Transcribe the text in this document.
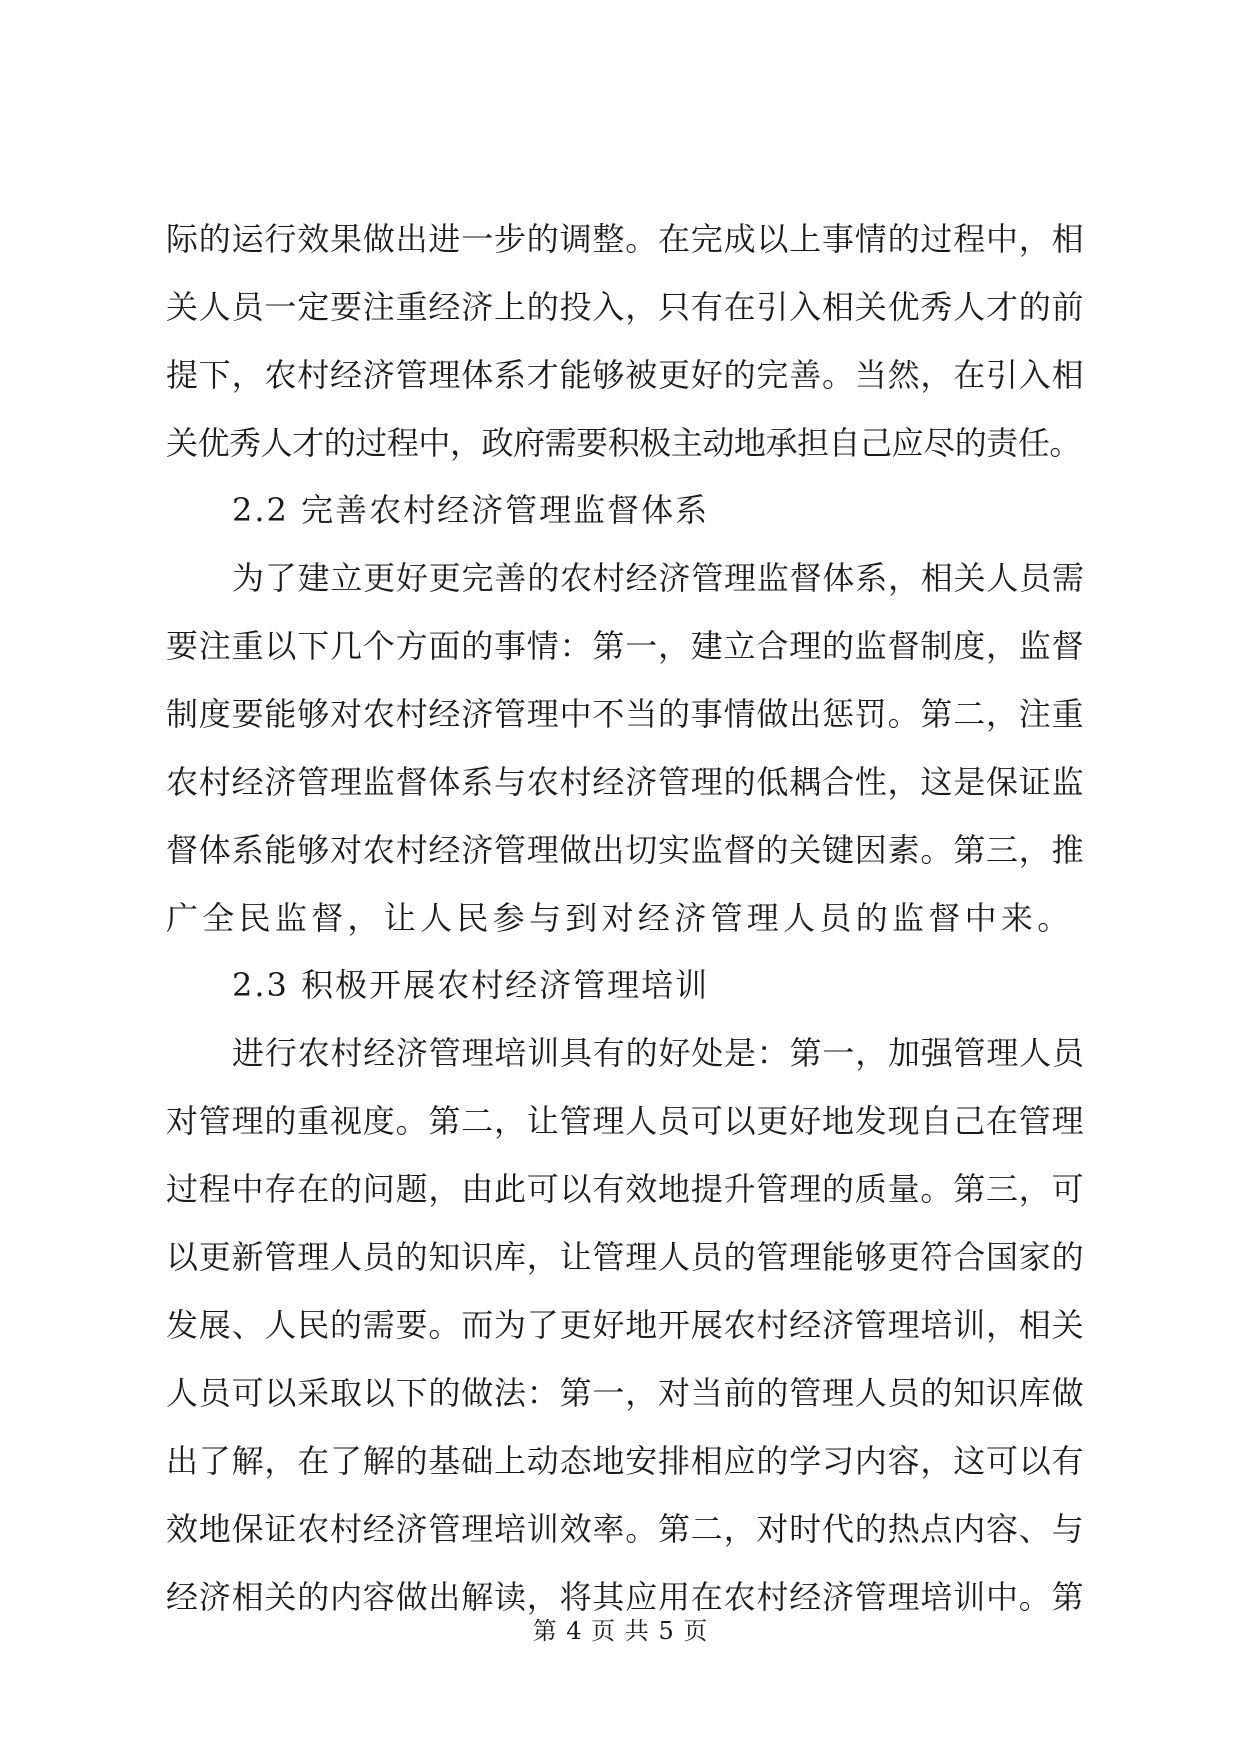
际的运行效果做出进一步的调整。在完成以上事情的过程中，相
关人员一定要注重经济上的投入，只有在引入相关优秀人才的前
提下，农村经济管理体系才能够被更好的完善。当然，在引入相
关优秀人才的过程中，政府需要积极主动地承担自己应尽的责任。
2.2 完善农村经济管理监督体系
为了建立更好更完善的农村经济管理监督体系，相关人员需
要注重以下几个方面的事情：第一，建立合理的监督制度，监督
制度要能够对农村经济管理中不当的事情做出惩罚。第二，注重
农村经济管理监督体系与农村经济管理的低耦合性，这是保证监
督体系能够对农村经济管理做出切实监督的关键因素。第三，推
广全民监督，让人民参与到对经济管理人员的监督中来。
2.3 积极开展农村经济管理培训
进行农村经济管理培训具有的好处是：第一，加强管理人员
对管理的重视度。第二，让管理人员可以更好地发现自己在管理
过程中存在的问题，由此可以有效地提升管理的质量。第三，可
以更新管理人员的知识库，让管理人员的管理能够更符合国家的
发展、人民的需要。而为了更好地开展农村经济管理培训，相关
人员可以采取以下的做法：第一，对当前的管理人员的知识库做
出了解，在了解的基础上动态地安排相应的学习内容，这可以有
效地保证农村经济管理培训效率。第二，对时代的热点内容、与
经济相关的内容做出解读，将其应用在农村经济管理培训中。第
第 4 页 共 5 页
